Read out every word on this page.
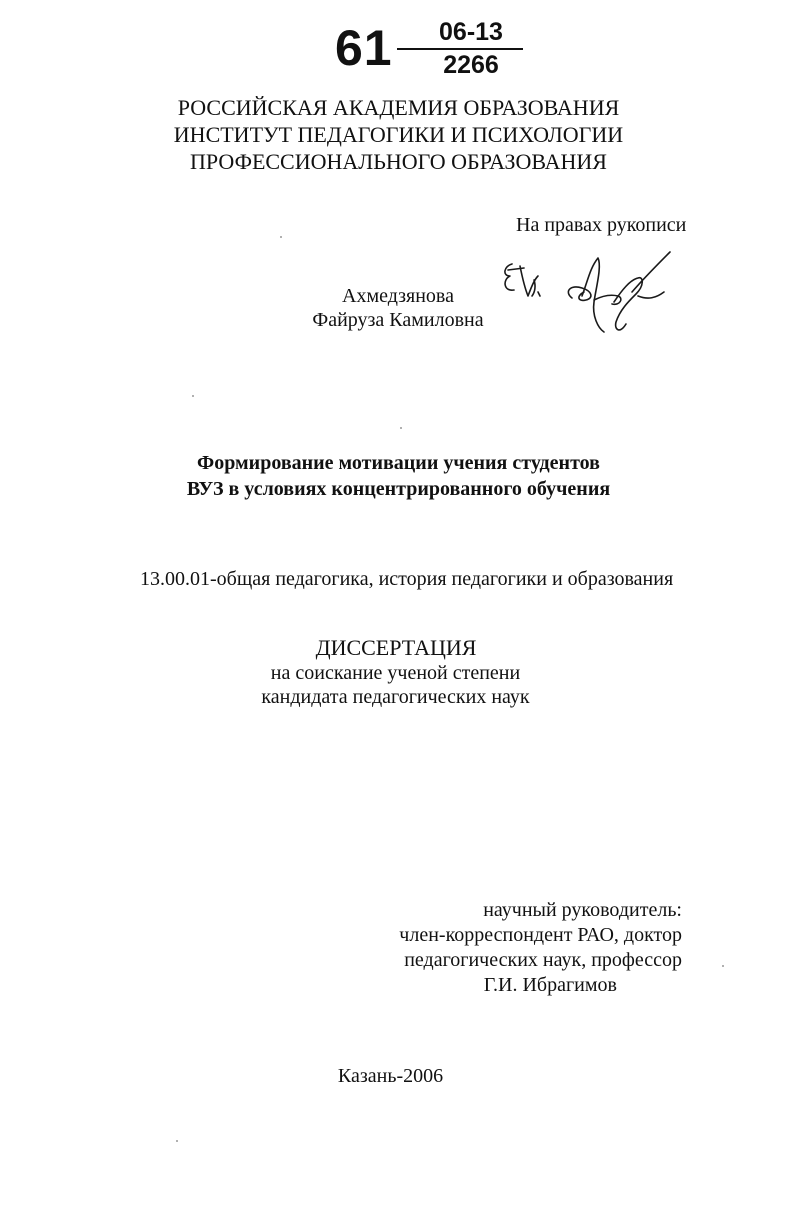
61	06-13
2266
РОССИЙСКАЯ АКАДЕМИЯ ОБРАЗОВАНИЯ
ИНСТИТУТ ПЕДАГОГИКИ И ПСИХОЛОГИИ
ПРОФЕССИОНАЛЬНОГО ОБРАЗОВАНИЯ
На правах рукописи
Ахмедзянова
Файруза Камиловна
Формирование мотивации учения студентов
ВУЗ в условиях концентрированного обучения
13.00.01-общая педагогика, история педагогики и образования
ДИССЕРТАЦИЯ
на соискание ученой степени
кандидата педагогических наук
научный руководитель:
член-корреспондент РАО, доктор
педагогических наук, профессор
Г.И. Ибрагимов
Казань-2006
